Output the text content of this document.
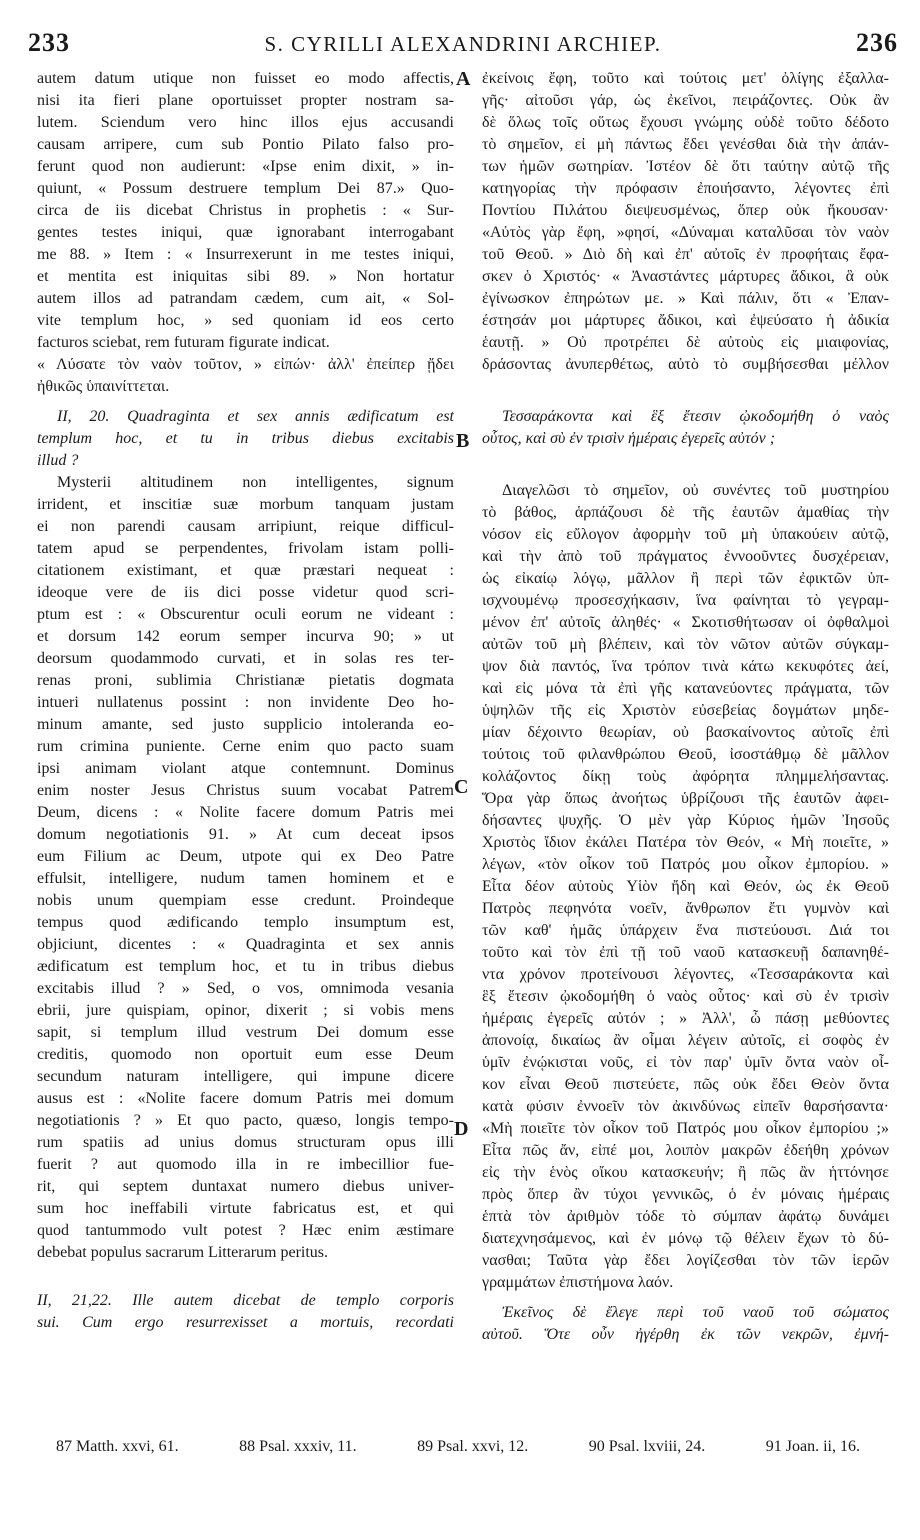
233	S. CYRILLI ALEXANDRINI ARCHIEP.	236
autem datum utique non fuisset eo modo affectis,
nisi ita fieri plane oportuisset propter nostram sa-
lutem. Sciendum vero hinc illos ejus accusandi
causam arripere, cum sub Pontio Pilato falso pro-
ferunt quod non audierunt: «Ipse enim dixit, » in-
quiunt, « Possum destruere templum Dei 87.» Quo-
circa de iis dicebat Christus in prophetis : « Sur-
gentes testes iniqui, quæ ignorabant interrogabant
me 88. » Item : « Insurrexerunt in me testes iniqui,
et mentita est iniquitas sibi 89. » Non hortatur
autem illos ad patrandam cædem, cum ait, « Sol-
vite templum hoc, » sed quoniam id eos certo
facturos sciebat, rem futuram figurate indicat.
« Λύσατε τὸν ναὸν τοῦτον, » εἰπών· ἀλλ' ἐπείπερ ᾔδει
ἠθικῶς ὑπαινίττεται.
II, 20. Quadraginta et sex annis ædificatum est
templum hoc, et tu in tribus diebus excitabis
illud ?
Mysterii altitudinem non intelligentes, signum
irrident, et inscitiæ suæ morbum tanquam justam
ei non parendi causam arripiunt, reique difficul-
tatem apud se perpendentes, frivolam istam polli-
citationem existimant, et quæ præstari nequeat :
ideoque vere de iis dici posse videtur quod scri-
ptum est : « Obscurentur oculi eorum ne videant :
et dorsum 142 eorum semper incurva 90; » ut
deorsum quodammodo curvati, et in solas res ter-
renas proni, sublimia Christianæ pietatis dogmata
intueri nullatenus possint : non invidente Deo ho-
minum amante, sed justo supplicio intoleranda eo-
rum crimina puniente. Cerne enim quo pacto suam
ipsi animam violant atque contemnunt. Dominus
enim noster Jesus Christus suum vocabat Patrem
Deum, dicens : « Nolite facere domum Patris mei
domum negotiationis 91. » At cum deceat ipsos
eum Filium ac Deum, utpote qui ex Deo Patre
effulsit, intelligere, nudum tamen hominem et e
nobis unum quempiam esse credunt. Proindeque
tempus quod ædificando templo insumptum est,
objiciunt, dicentes : « Quadraginta et sex annis
ædificatum est templum hoc, et tu in tribus diebus
excitabis illud ? » Sed, o vos, omnimoda vesania
ebrii, jure quispiam, opinor, dixerit ; si vobis mens
sapit, si templum illud vestrum Dei domum esse
creditis, quomodo non oportuit eum esse Deum
secundum naturam intelligere, qui impune dicere
ausus est : «Nolite facere domum Patris mei domum
negotiationis ? » Et quo pacto, quæso, longis tempo-
rum spatiis ad unius domus structuram opus illi
fuerit ? aut quomodo illa in re imbecillior fue-
rit, qui septem duntaxat numero diebus univer-
sum hoc ineffabili virtute fabricatus est, et qui
quod tantummodo vult potest ? Hæc enim æstimare
debebat populus sacrarum Litterarum peritus.
II, 21,22. Ille autem dicebat de templo corporis
sui. Cum ergo resurrexisset a mortuis, recordati
ἐκείνοις ἔφη, τοῦτο καὶ τούτοις μετ' ὀλίγης ἐξαλλα-
γῆς· αἰτοῦσι γάρ, ὡς ἐκεῖνοι, πειράζοντες. Οὐκ ἂν
δὲ ὅλως τοῖς οὕτως ἔχουσι γνώμης οὐδὲ τοῦτο δέδοτο
τὸ σημεῖον, εἰ μὴ πάντως ἔδει γενέσθαι διὰ τὴν ἁπάν-
των ἡμῶν σωτηρίαν. Ἰστέον δὲ ὅτι ταύτην αὐτῷ τῆς
κατηγορίας τὴν πρόφασιν ἐποιήσαντο, λέγοντες ἐπὶ
Ποντίου Πιλάτου διεψευσμένως, ὅπερ οὐκ ἤκουσαν·
«Αὐτὸς γὰρ ἔφη, »φησί, «Δύναμαι καταλῦσαι τὸν ναὸν
τοῦ Θεοῦ. » Διὸ δὴ καὶ ἐπ' αὐτοῖς ἐν προφήταις ἔφα-
σκεν ὁ Χριστός· « Ἀναστάντες μάρτυρες ἄδικοι, ἃ οὐκ
ἐγίνωσκον ἐπηρώτων με. » Καὶ πάλιν, ὅτι « Ἐπαν-
έστησάν μοι μάρτυρες ἄδικοι, καὶ ἐψεύσατο ἡ ἀδικία
ἑαυτῇ. » Οὐ προτρέπει δὲ αὐτοὺς εἰς μιαιφονίας,
Τεσσαράκοντα καὶ ἓξ ἔτεσιν ᾠκοδομήθη ὁ ναὸς
οὗτος, καὶ σὺ ἐν τρισὶν ἡμέραις ἐγερεῖς αὐτόν ;
Διαγελῶσι τὸ σημεῖον, οὐ συνέντες τοῦ μυστηρίου
τὸ βάθος, ἁρπάζουσι δὲ τῆς ἑαυτῶν ἀμαθίας τὴν
νόσον εἰς εὔλογον ἀφορμὴν τοῦ μὴ ὑπακούειν αὐτῷ,
καὶ τὴν ἀπὸ τοῦ πράγματος ἐννοοῦντες δυσχέρειαν,
ὡς εἰκαίῳ λόγῳ, μᾶλλον ἢ περὶ τῶν ἐφικτῶν ὑπ-
ισχνουμένῳ προσεσχήκασιν, ἵνα φαίνηται τὸ γεγραμ-
μένον ἐπ' αὐτοῖς ἀληθές· « Σκοτισθήτωσαν οἱ ὀφθαλμοὶ
αὐτῶν τοῦ μὴ βλέπειν, καὶ τὸν νῶτον αὐτῶν σύγκαμ-
ψον διὰ παντός, ἵνα τρόπον τινὰ κάτω κεκυφότες ἀεί,
καὶ εἰς μόνα τὰ ἐπὶ γῆς κατανεύοντες πράγματα, τῶν
ὑψηλῶν τῆς εἰς Χριστὸν εὐσεβείας δογμάτων μηδε-
μίαν δέχοιντο θεωρίαν, οὐ βασκαίνοντος αὐτοῖς ἐπὶ
τούτοις τοῦ φιλανθρώπου Θεοῦ, ἰσοστάθμῳ δὲ μᾶλλον
κολάζοντος δίκῃ τοὺς ἀφόρητα πλημμελήσαντας.
Ὅρα γὰρ ὅπως ἀνοήτως ὑβρίζουσι τῆς ἑαυτῶν ἀφει-
δήσαντες ψυχῆς. Ὁ μὲν γὰρ Κύριος ἡμῶν Ἰησοῦς
Χριστὸς ἴδιον ἐκάλει Πατέρα τὸν Θεόν, « Μὴ ποιεῖτε, »
λέγων, «τὸν οἶκον τοῦ Πατρός μου οἶκον ἐμπορίου. »
Εἶτα δέον αὐτοὺς Υἱὸν ἤδη καὶ Θεόν, ὡς ἐκ Θεοῦ
Πατρὸς πεφηνότα νοεῖν, ἄνθρωπον ἔτι γυμνὸν καὶ
τῶν καθ' ἡμᾶς ὑπάρχειν ἕνα πιστεύουσι. Διά τοι
τοῦτο καὶ τὸν ἐπὶ τῇ τοῦ ναοῦ κατασκευῇ δαπανηθέ-
ντα χρόνον προτείνουσι λέγοντες, «Τεσσαράκοντα καὶ
ἓξ ἔτεσιν ᾠκοδομήθη ὁ ναὸς οὗτος· καὶ σὺ ἐν τρισὶν
ἡμέραις ἐγερεῖς αὐτόν ; » Ἀλλ', ὦ πάσῃ μεθύοντες
ἀπονοίᾳ, δικαίως ἂν οἶμαι λέγειν αὐτοῖς, εἰ σοφὸς ἐν
ὑμῖν ἐνῴκισται νοῦς, εἰ τὸν παρ' ὑμῖν ὄντα ναὸν οἶ-
κον εἶναι Θεοῦ πιστεύετε, πῶς οὐκ ἔδει Θεὸν ὄντα
κατὰ φύσιν ἐννοεῖν τὸν ἀκινδύνως εἰπεῖν θαρσήσαντα·
«Μὴ ποιεῖτε τὸν οἶκον τοῦ Πατρός μου οἶκον ἐμπορίου ;»
Εἶτα πῶς ἄν, εἰπέ μοι, λοιπὸν μακρῶν ἐδεήθη χρόνων
εἰς τὴν ἑνὸς οἴκου κατασκευήν; ἢ πῶς ἂν ἡττόνησε
πρὸς ὅπερ ἂν τύχοι γεννικῶς, ὁ ἐν μόναις ἡμέραις
ἑπτὰ τὸν ἀριθμὸν τόδε τὸ σύμπαν ἀφάτῳ δυνάμει
διατεχνησάμενος, καὶ ἐν μόνῳ τῷ θέλειν ἔχων τὸ δύ-
νασθαι; Ταῦτα γὰρ ἔδει λογίζεσθαι τὸν τῶν ἱερῶν
γραμμάτων ἐπιστήμονα λαόν.
Ἐκεῖνος δὲ ἔλεγε περὶ τοῦ ναοῦ τοῦ σώματος
αὐτοῦ. Ὅτε οὖν ἠγέρθη ἐκ τῶν νεκρῶν, ἐμνή-
δράσοντας ἀνυπερθέτως, αὐτὸ τὸ συμβήσεσθαι μέλλον
A
B
C
D
87 Matth. xxvi, 61.	88 Psal. xxxiv, 11.	89 Psal. xxvi, 12.	90 Psal. lxviii, 24.	91 Joan. ii, 16.
